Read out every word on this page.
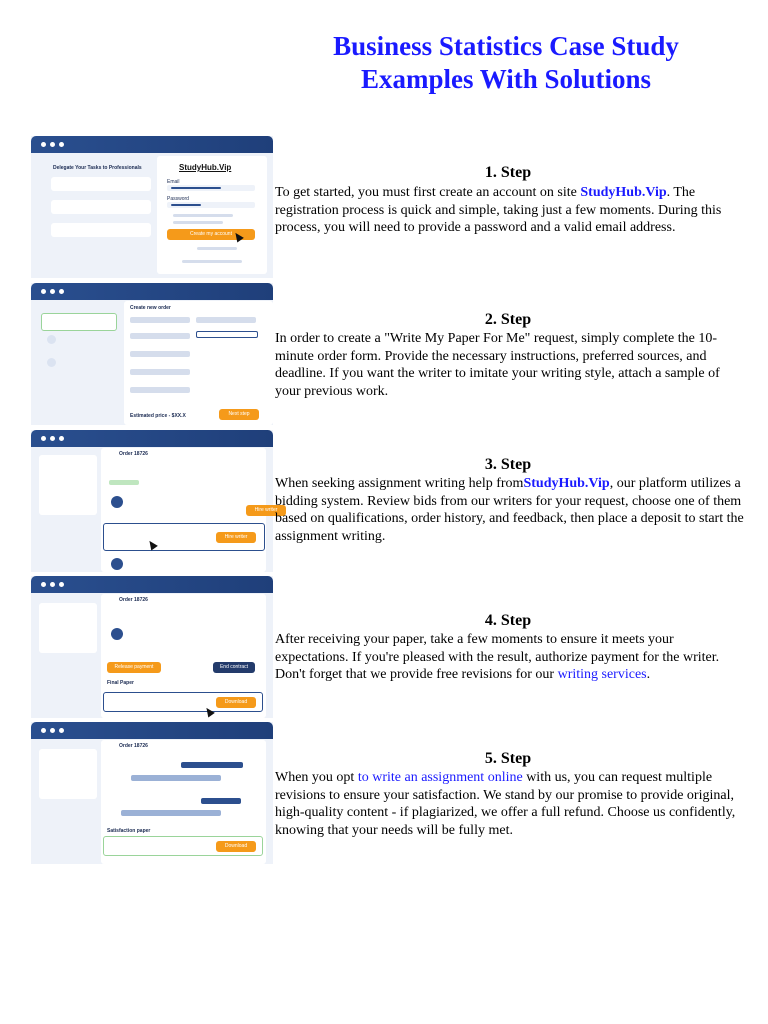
Business Statistics Case Study Examples With Solutions
Delegate Your Tasks to Professionals	StudyHub.Vip
Email
Password
Create my account
1. Step

To get started, you must first create an account on site StudyHub.Vip. The registration process is quick and simple, taking just a few moments. During this process, you will need to provide a password and a valid email address.

Create new order
Estimated price - $XX.X	Next step
2. Step

In order to create a "Write My Paper For Me" request, simply complete the 10-minute order form. Provide the necessary instructions, preferred sources, and deadline. If you want the writer to imitate your writing style, attach a sample of your previous work.

Order 18726
Hire writer
Hire writer
3. Step

When seeking assignment writing help fromStudyHub.Vip, our platform utilizes a bidding system. Review bids from our writers for your request, choose one of them based on qualifications, order history, and feedback, then place a deposit to start the assignment writing.

Order 18726
Release payment	End contract
Final Paper
Download
4. Step

After receiving your paper, take a few moments to ensure it meets your expectations. If you're pleased with the result, authorize payment for the writer. Don't forget that we provide free revisions for our writing services.

Order 18726
Satisfaction paper
Download
5. Step

When you opt to write an assignment online with us, you can request multiple revisions to ensure your satisfaction. We stand by our promise to provide original, high-quality content - if plagiarized, we offer a full refund. Choose us confidently, knowing that your needs will be fully met.
